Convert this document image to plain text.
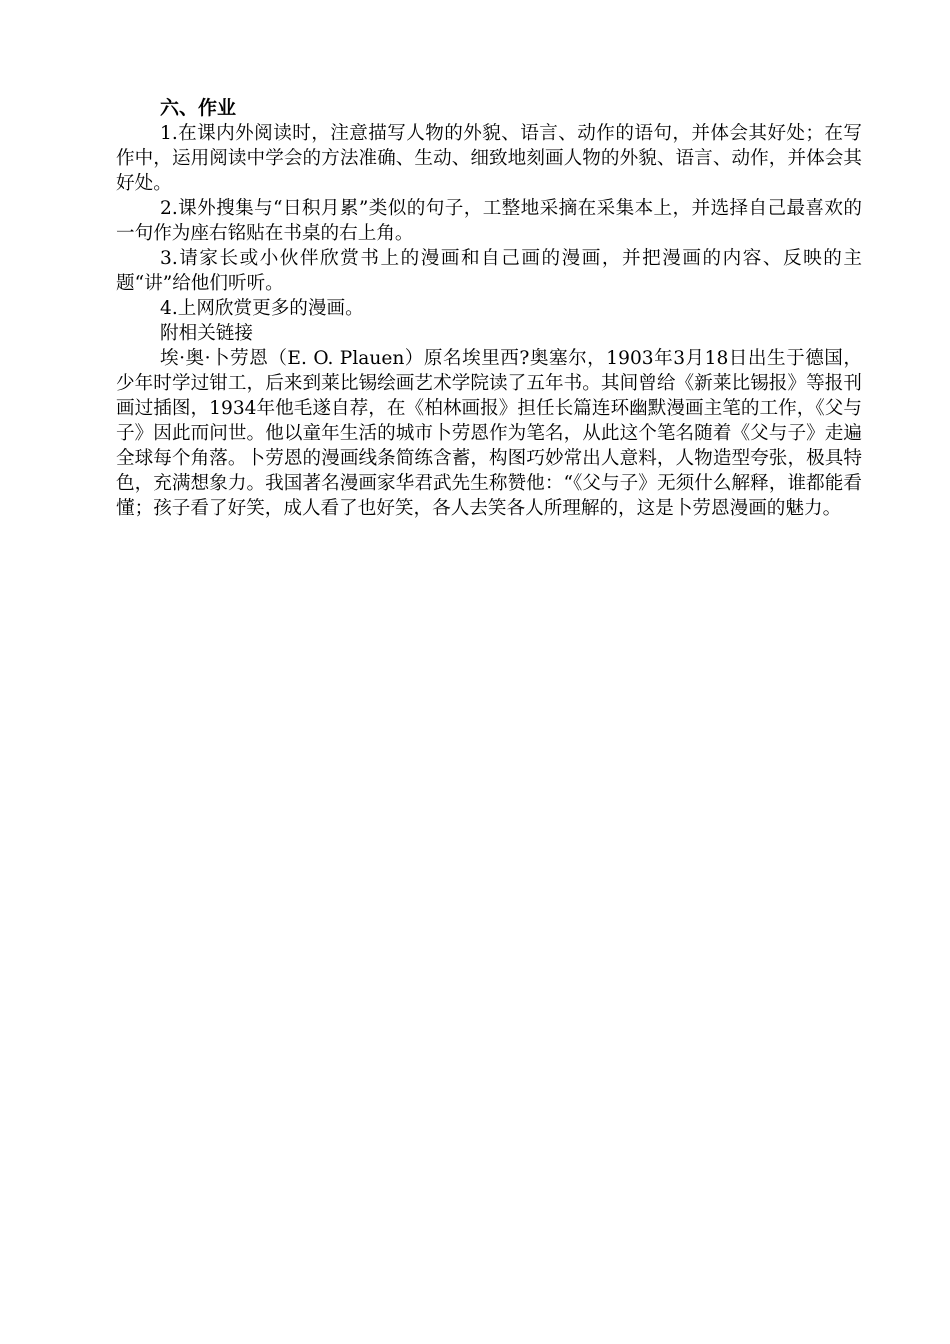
六、作业

1.在课内外阅读时，注意描写人物的外貌、语言、动作的语句，并体会其好处；在写作中，运用阅读中学会的方法准确、生动、细致地刻画人物的外貌、语言、动作，并体会其好处。

2.课外搜集与“日积月累”类似的句子，工整地采摘在采集本上，并选择自己最喜欢的一句作为座右铭贴在书桌的右上角。

3.请家长或小伙伴欣赏书上的漫画和自己画的漫画，并把漫画的内容、反映的主题“讲”给他们听听。

4.上网欣赏更多的漫画。

附相关链接

埃·奥·卜劳恩（E. O. Plauen）原名埃里西?奥塞尔，1903年3月18日出生于德国，少年时学过钳工，后来到莱比锡绘画艺术学院读了五年书。其间曾给《新莱比锡报》等报刊画过插图，1934年他毛遂自荐，在《柏林画报》担任长篇连环幽默漫画主笔的工作，《父与子》因此而问世。他以童年生活的城市卜劳恩作为笔名，从此这个笔名随着《父与子》走遍全球每个角落。卜劳恩的漫画线条简练含蓄，构图巧妙常出人意料，人物造型夸张，极具特色，充满想象力。我国著名漫画家华君武先生称赞他：“《父与子》无须什么解释，谁都能看懂；孩子看了好笑，成人看了也好笑，各人去笑各人所理解的，这是卜劳恩漫画的魅力。
